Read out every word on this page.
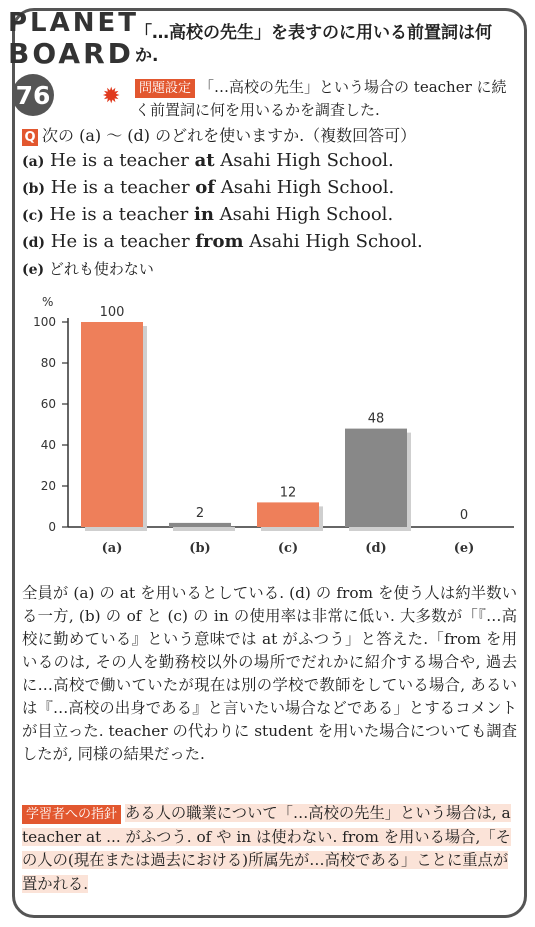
PLANET
BOARD
76 ✹
「…高校の先生」を表すのに用いる前置詞は何か.
問題設定 「…高校の先生」という場合の teacher に続く前置詞に何を用いるかを調査した.
Q 次の (a) ～ (d) のどれを使いますか.（複数回答可）
(a) He is a teacher at Asahi High School.
(b) He is a teacher of Asahi High School.
(c) He is a teacher in Asahi High School.
(d) He is a teacher from Asahi High School.
(e) どれも使わない
%
0
20
40
60
80
100
100
(a)
2
(b)
12
(c)
48
(d)
0
(e)
全員が (a) の at を用いるとしている. (d) の from を使う人は約半数いる一方, (b) の of と (c) の in の使用率は非常に低い. 大多数が「『…高校に勤めている』という意味では at がふつう」と答えた.「from を用いるのは, その人を勤務校以外の場所でだれかに紹介する場合や, 過去に…高校で働いていたが現在は別の学校で教師をしている場合, あるいは『…高校の出身である』と言いたい場合などである」とするコメントが目立った. teacher の代わりに student を用いた場合についても調査したが, 同様の結果だった.
学習者への指針 ある人の職業について「…高校の先生」という場合は, a teacher at ... がふつう. of や in は使わない. from を用いる場合,「その人の(現在または過去における)所属先が…高校である」ことに重点が置かれる.
